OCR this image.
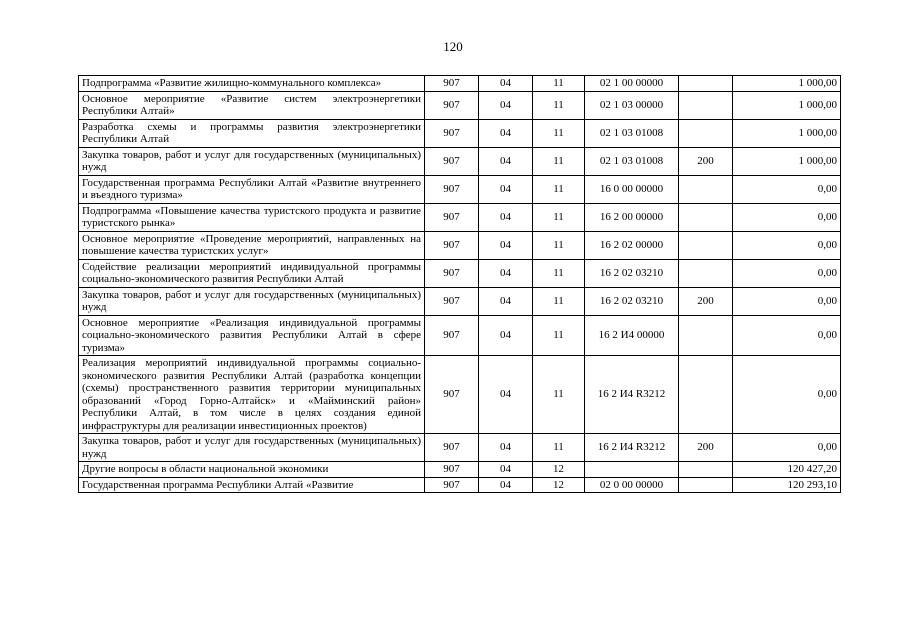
120
Подпрограмма «Развитие жилищно-коммунального комплекса»	907	04	11	02 1 00 00000		1 000,00
Основное мероприятие «Развитие систем электроэнергетики Республики Алтай»	907	04	11	02 1 03 00000		1 000,00
Разработка схемы и программы развития электроэнергетики Республики Алтай	907	04	11	02 1 03 01008		1 000,00
Закупка товаров, работ и услуг для государственных (муниципальных) нужд	907	04	11	02 1 03 01008	200	1 000,00
Государственная программа Республики Алтай «Развитие внутреннего и въездного туризма»	907	04	11	16 0 00 00000		0,00
Подпрограмма «Повышение качества туристского продукта и развитие туристского рынка»	907	04	11	16 2 00 00000		0,00
Основное мероприятие «Проведение мероприятий, направленных на повышение качества туристских услуг»	907	04	11	16 2 02 00000		0,00
Содействие реализации мероприятий индивидуальной программы социально-экономического развития Республики Алтай	907	04	11	16 2 02 03210		0,00
Закупка товаров, работ и услуг для государственных (муниципальных) нужд	907	04	11	16 2 02 03210	200	0,00
Основное мероприятие «Реализация индивидуальной программы социально-экономического развития Республики Алтай в сфере туризма»	907	04	11	16 2 И4 00000		0,00
Реализация мероприятий индивидуальной программы социально-экономического развития Республики Алтай (разработка концепции (схемы) пространственного развития территории муниципальных образований «Город Горно-Алтайск» и «Майминский район» Республики Алтай, в том числе в целях создания единой инфраструктуры для реализации инвестиционных проектов)	907	04	11	16 2 И4 R3212		0,00
Закупка товаров, работ и услуг для государственных (муниципальных) нужд	907	04	11	16 2 И4 R3212	200	0,00
Другие вопросы в области национальной экономики	907	04	12			120 427,20
Государственная программа Республики Алтай «Развитие	907	04	12	02 0 00 00000		120 293,10
